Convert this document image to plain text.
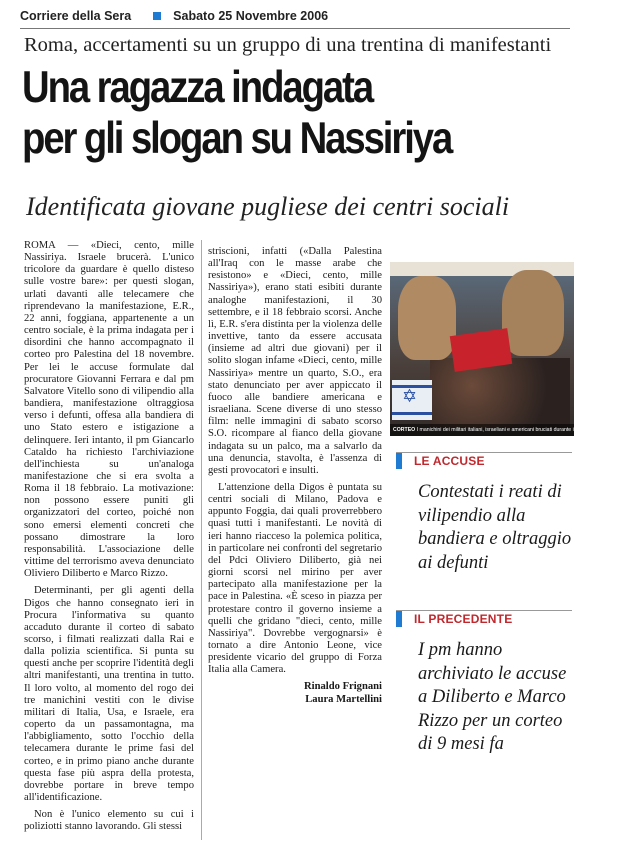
Corriere della Sera	Sabato 25 Novembre 2006
Roma, accertamenti su un gruppo di una trentina di manifestanti
Una ragazza indagata
per gli slogan su Nassiriya
Identificata giovane pugliese dei centri sociali

ROMA — «Dieci, cento, mille Nassiriya. Israele brucerà. L'unico tricolore da guardare è quello disteso sulle vostre bare»: per questi slogan, urlati davanti alle telecamere che riprendevano la manifestazione, E.R., 22 anni, foggiana, appartenente a un centro sociale, è la prima indagata per i disordini che hanno accompagnato il corteo pro Palestina del 18 novembre. Per lei le accuse formulate dal procuratore Giovanni Ferrara e dal pm Salvatore Vitello sono di vilipendio alla bandiera, manifestazione oltraggiosa verso i defunti, offesa alla bandiera di uno Stato estero e istigazione a delinquere. Ieri intanto, il pm Giancarlo Cataldo ha richiesto l'archiviazione dell'inchiesta su un'analoga manifestazione che si era svolta a Roma il 18 febbraio. La motivazione: non possono essere puniti gli organizzatori del corteo, poiché non sono emersi elementi concreti che possano dimostrare la loro responsabilità. L'associazione delle vittime del terrorismo aveva denunciato Oliviero Diliberto e Marco Rizzo.

Determinanti, per gli agenti della Digos che hanno consegnato ieri in Procura l'informativa su quanto accaduto durante il corteo di sabato scorso, i filmati realizzati dalla Rai e dalla polizia scientifica. Si punta su questi anche per scoprire l'identità degli altri manifestanti, una trentina in tutto. Il loro volto, al momento del rogo dei tre manichini vestiti con le divise militari di Italia, Usa, e Israele, era coperto da un passamontagna, ma l'abbigliamento, sotto l'occhio della telecamera durante le prime fasi del corteo, e in primo piano anche durante questa fase più aspra della protesta, dovrebbe portare in breve tempo all'identificazione.

Non è l'unico elemento su cui i poliziotti stanno lavorando. Gli stessi

striscioni, infatti («Dalla Palestina all'Iraq con le masse arabe che resistono» e «Dieci, cento, mille Nassiriya»), erano stati esibiti durante analoghe manifestazioni, il 30 settembre, e il 18 febbraio scorsi. Anche lì, E.R. s'era distinta per la violenza delle invettive, tanto da essere accusata (insieme ad altri due giovani) per il solito slogan infame «Dieci, cento, mille Nassiriya» mentre un quarto, S.O., era stato denunciato per aver appiccato il fuoco alle bandiere americana e israeliana. Scene diverse di uno stesso film: nelle immagini di sabato scorso S.O. ricompare al fianco della giovane indagata su un palco, ma a salvarlo da una denuncia, stavolta, è l'assenza di gesti provocatori e insulti.

L'attenzione della Digos è puntata su centri sociali di Milano, Padova e appunto Foggia, dai quali proverrebbero quasi tutti i manifestanti. Le novità di ieri hanno riacceso la polemica politica, in particolare nei confronti del segretario del Pdci Oliviero Diliberto, già nei giorni scorsi nel mirino per aver partecipato alla manifestazione per la pace in Palestina. «È sceso in piazza per protestare contro il governo insieme a quelli che gridano "dieci, cento, mille Nassiriya". Dovrebbe vergognarsi» è tornato a dire Antonio Leone, vice presidente vicario del gruppo di Forza Italia alla Camera.

Rinaldo Frignani
Laura Martellini
✡
CORTEO I manichini dei militari italiani, israeliani e americani bruciati durante il corteo pro Palestina a Roma
LE ACCUSE
Contestati i reati di vilipendio alla bandiera e oltraggio ai defunti
IL PRECEDENTE
I pm hanno archiviato le accuse a Diliberto e Marco Rizzo per un corteo di 9 mesi fa
